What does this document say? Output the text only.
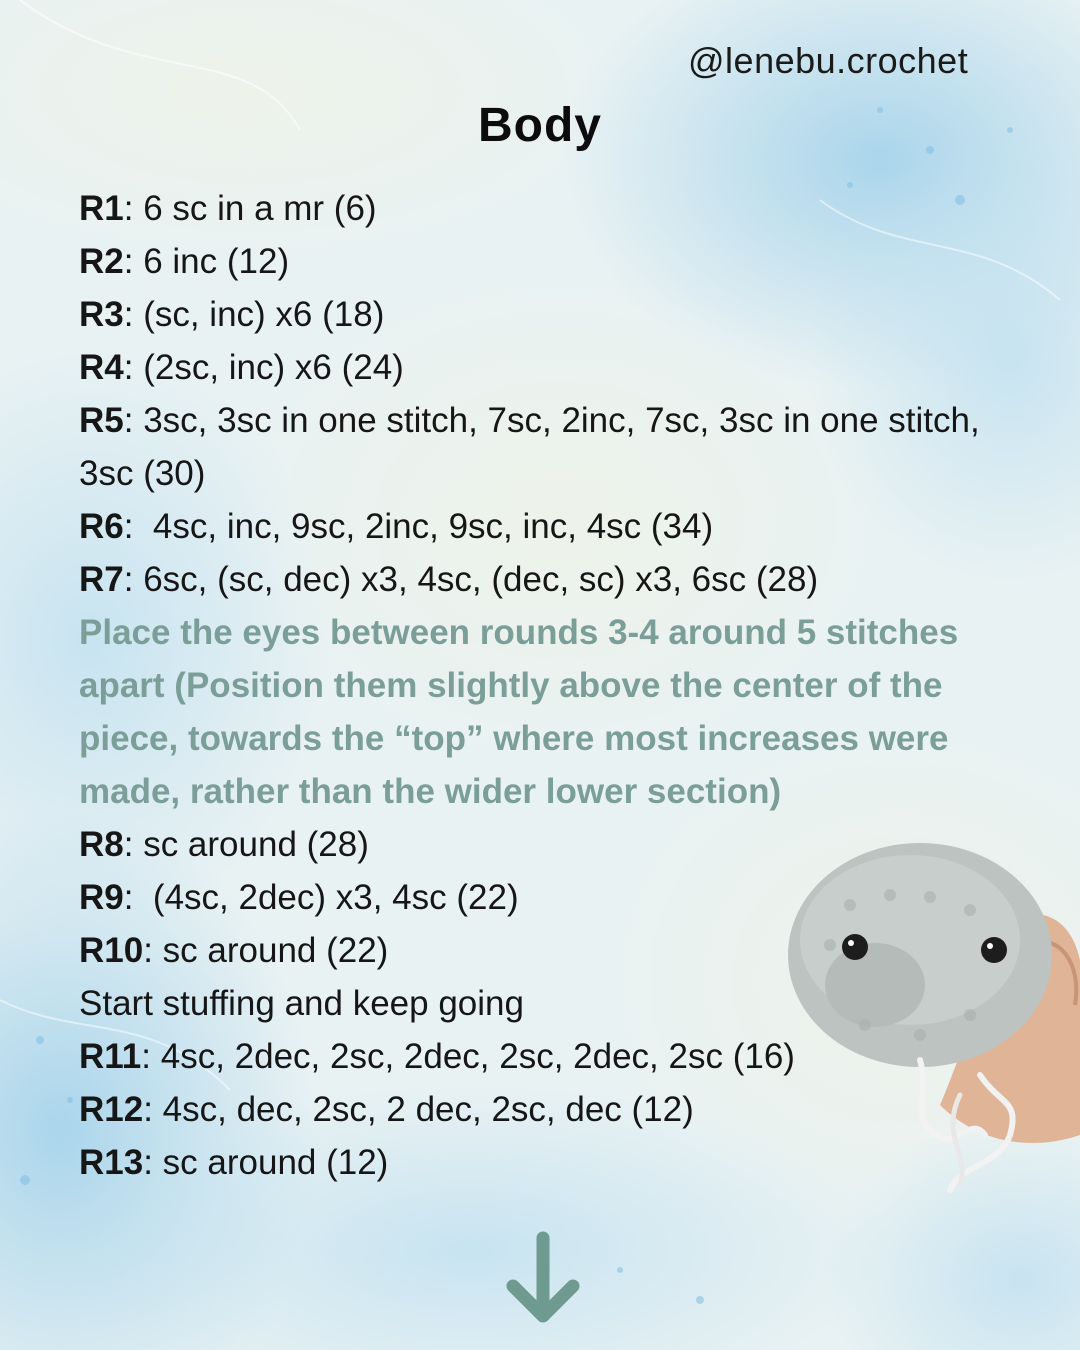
@lenebu.crochet
Body
R1: 6 sc in a mr (6)
R2: 6 inc (12)
R3: (sc, inc) x6 (18)
R4: (2sc, inc) x6 (24)
R5: 3sc, 3sc in one stitch, 7sc, 2inc, 7sc, 3sc in one stitch, 3sc (30)
R6:  4sc, inc, 9sc, 2inc, 9sc, inc, 4sc (34)
R7: 6sc, (sc, dec) x3, 4sc, (dec, sc) x3, 6sc (28)
Place the eyes between rounds 3-4 around 5 stitches apart (Position them slightly above the center of the piece, towards the “top” where most increases were made, rather than the wider lower section)
R8: sc around (28)
R9:  (4sc, 2dec) x3, 4sc (22)
R10: sc around (22)
Start stuffing and keep going
R11: 4sc, 2dec, 2sc, 2dec, 2sc, 2dec, 2sc (16)
R12: 4sc, dec, 2sc, 2 dec, 2sc, dec (12)
R13: sc around (12)
